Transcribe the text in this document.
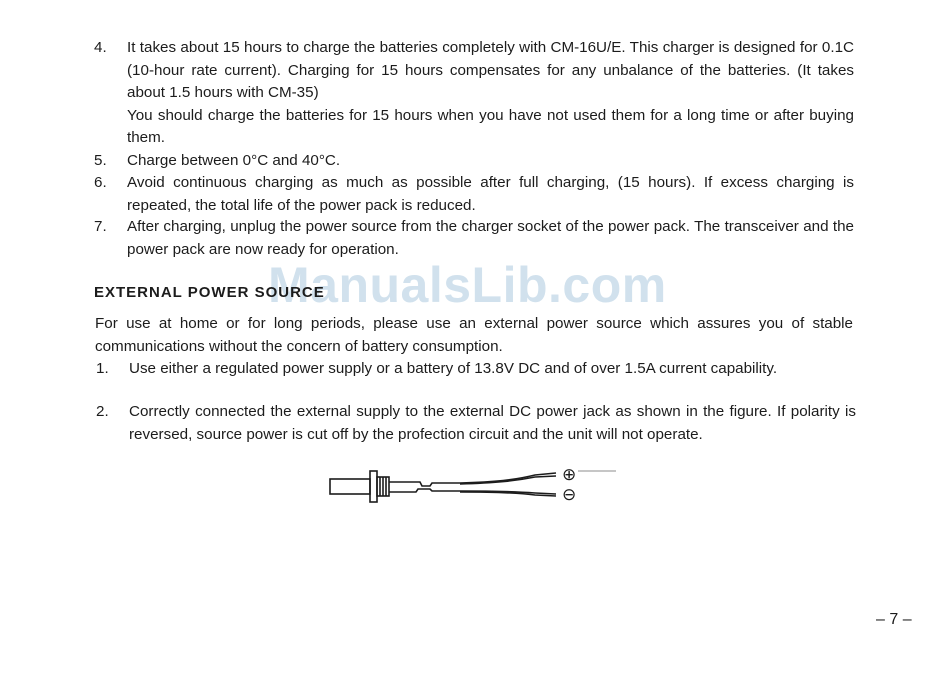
4.	It takes about 15 hours to charge the batteries completely with CM-16U/E. This charger is designed for 0.1C (10-hour rate current). Charging for 15 hours compensates for any unbalance of the batteries. (It takes about 1.5 hours with CM-35)
You should charge the batteries for 15 hours when you have not used them for a long time or after buying them.
5.	Charge between 0°C and 40°C.
6.	Avoid continuous charging as much as possible after full charging, (15 hours). If excess charging is repeated, the total life of the power pack is reduced.
7.	After charging, unplug the power source from the charger socket of the power pack. The transceiver and the power pack are now ready for operation.
ManualsLib.com
EXTERNAL POWER SOURCE
For use at home or for long periods, please use an external power source which assures you of stable communications without the concern of battery consumption.
1.	Use either a regulated power supply or a battery of 13.8V DC and of over 1.5A current capability.
2.	Correctly connected the external supply to the external DC power jack as shown in the figure. If polarity is reversed, source power is cut off by the profection circuit and the unit will not operate.
⊕
⊖
– 7 –
